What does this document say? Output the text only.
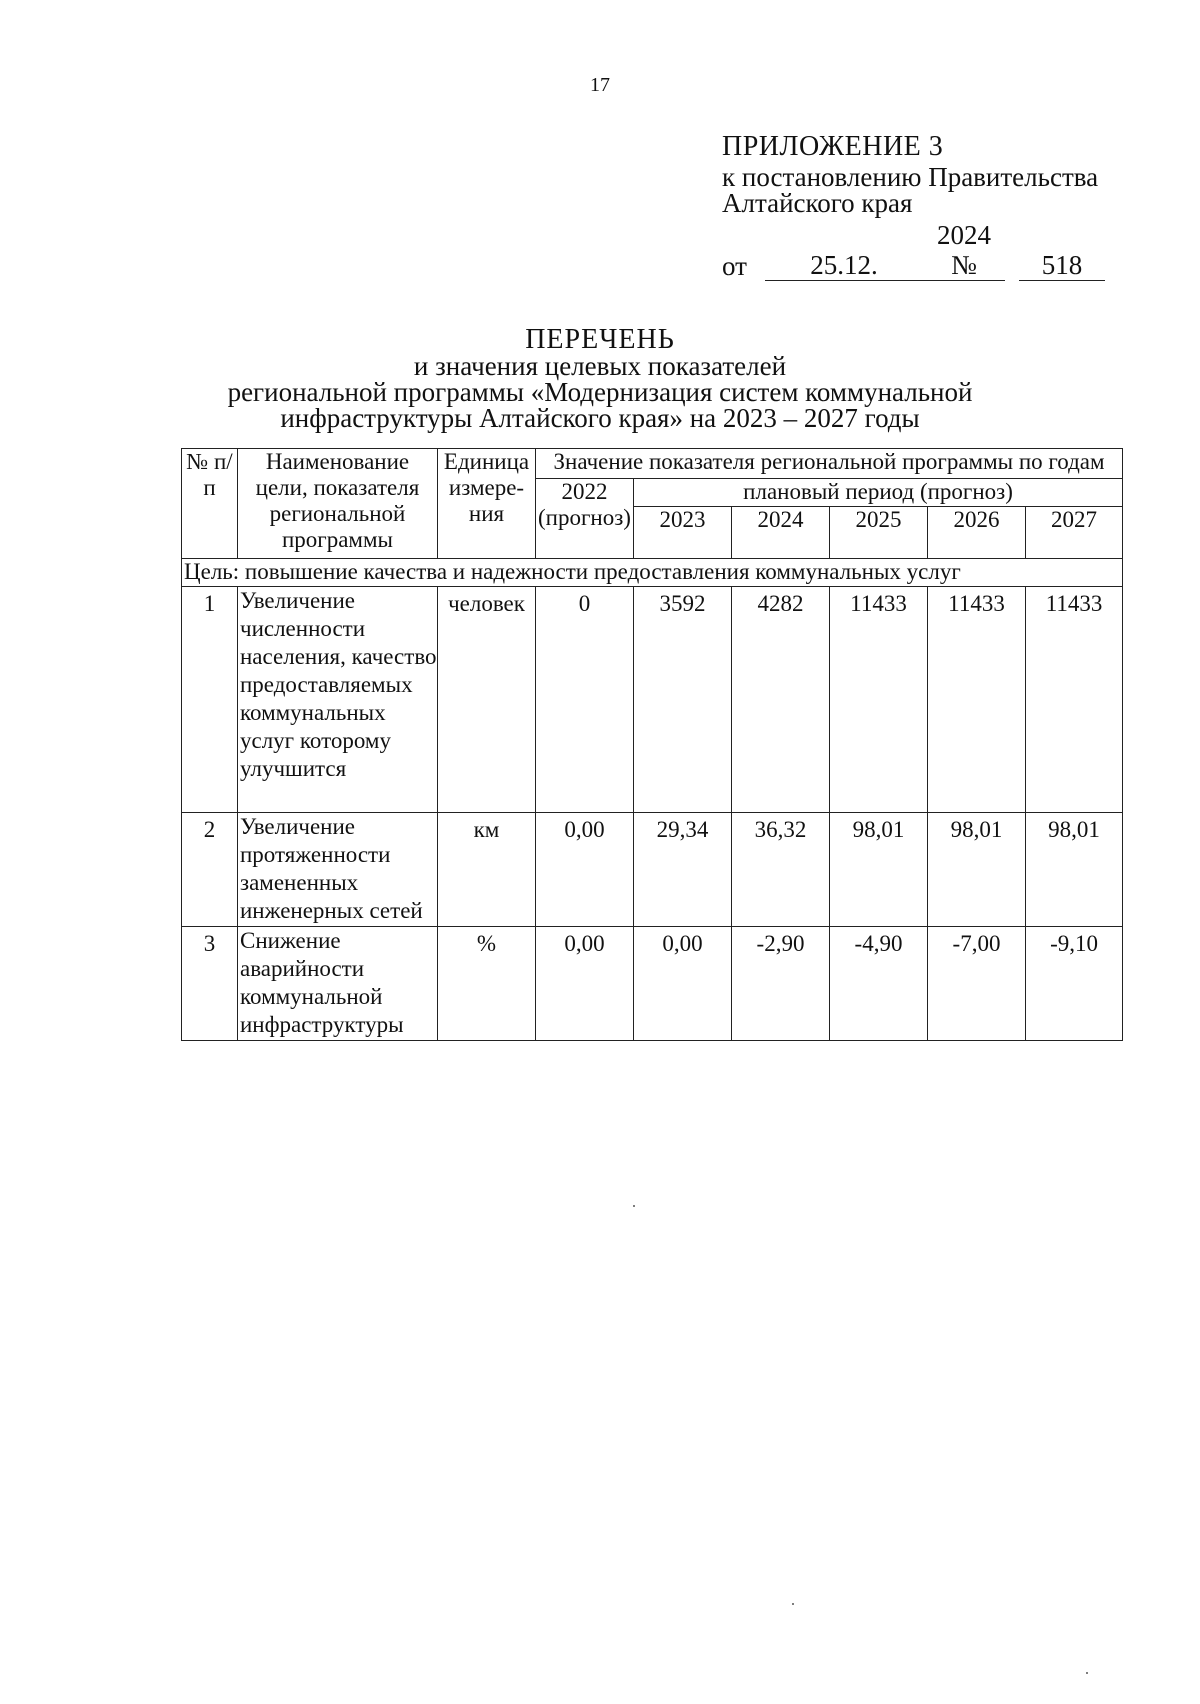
17
ПРИЛОЖЕНИЕ 3
к постановлению Правительства
Алтайского края
от	25.12.
2024 №	518
ПЕРЕЧЕНЬ
и значения целевых показателей
региональной программы «Модернизация систем коммунальной
инфраструктуры Алтайского края» на 2023 – 2027 годы
№ п/п	Наименование цели, показателя региональной программы	Единица измере-ния	Значение показателя региональной программы по годам					
			2022 (прогноз)	плановый период (прогноз)				
				2023	2024	2025	2026	2027
Цель: повышение качества и надежности предоставления коммунальных услуг								
1	Увеличение численности населения, качество предоставляемых коммунальных услуг которому улучшится	человек	0	3592	4282	11433	11433	11433
2	Увеличение протяженности замененных инженерных сетей	км	0,00	29,34	36,32	98,01	98,01	98,01
3	Снижение аварийности коммунальной инфраструктуры	%	0,00	0,00	-2,90	-4,90	-7,00	-9,10
